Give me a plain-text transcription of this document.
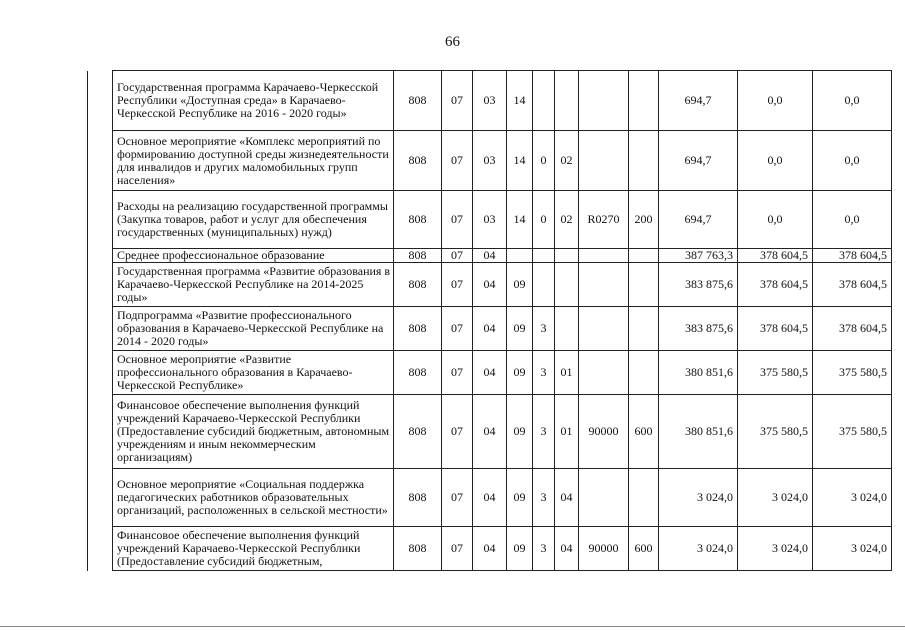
66
	Государственная программа Карачаево-Черкесской Республики «Доступная среда» в Карачаево-Черкесской Республике на 2016 - 2020 годы»	808	07	03	14					694,7	0,0	0,0
	Основное мероприятие «Комплекс мероприятий по формированию доступной среды жизнедеятельности для инвалидов и других маломобильных групп населения»	808	07	03	14	0	02			694,7	0,0	0,0
	Расходы на реализацию государственной программы (Закупка товаров, работ и услуг для обеспечения государственных (муниципальных) нужд)	808	07	03	14	0	02	R0270	200	694,7	0,0	0,0
	Среднее профессиональное образование	808	07	04						387 763,3	378 604,5	378 604,5
	Государственная программа «Развитие образования в Карачаево-Черкесской Республике на 2014-2025 годы»	808	07	04	09					383 875,6	378 604,5	378 604,5
	Подпрограмма «Развитие профессионального образования в Карачаево-Черкесской Республике на 2014 - 2020 годы»	808	07	04	09	3				383 875,6	378 604,5	378 604,5
	Основное мероприятие «Развитие профессионального образования в Карачаево-Черкесской Республике»	808	07	04	09	3	01			380 851,6	375 580,5	375 580,5
	Финансовое обеспечение выполнения функций учреждений Карачаево-Черкесской Республики (Предоставление субсидий бюджетным, автономным учреждениям и иным некоммерческим организациям)	808	07	04	09	3	01	90000	600	380 851,6	375 580,5	375 580,5
	Основное мероприятие «Социальная поддержка педагогических работников образовательных организаций, расположенных в сельской местности»	808	07	04	09	3	04			3 024,0	3 024,0	3 024,0
	Финансовое обеспечение выполнения функций учреждений Карачаево-Черкесской Республики (Предоставление субсидий бюджетным,	808	07	04	09	3	04	90000	600	3 024,0	3 024,0	3 024,0
